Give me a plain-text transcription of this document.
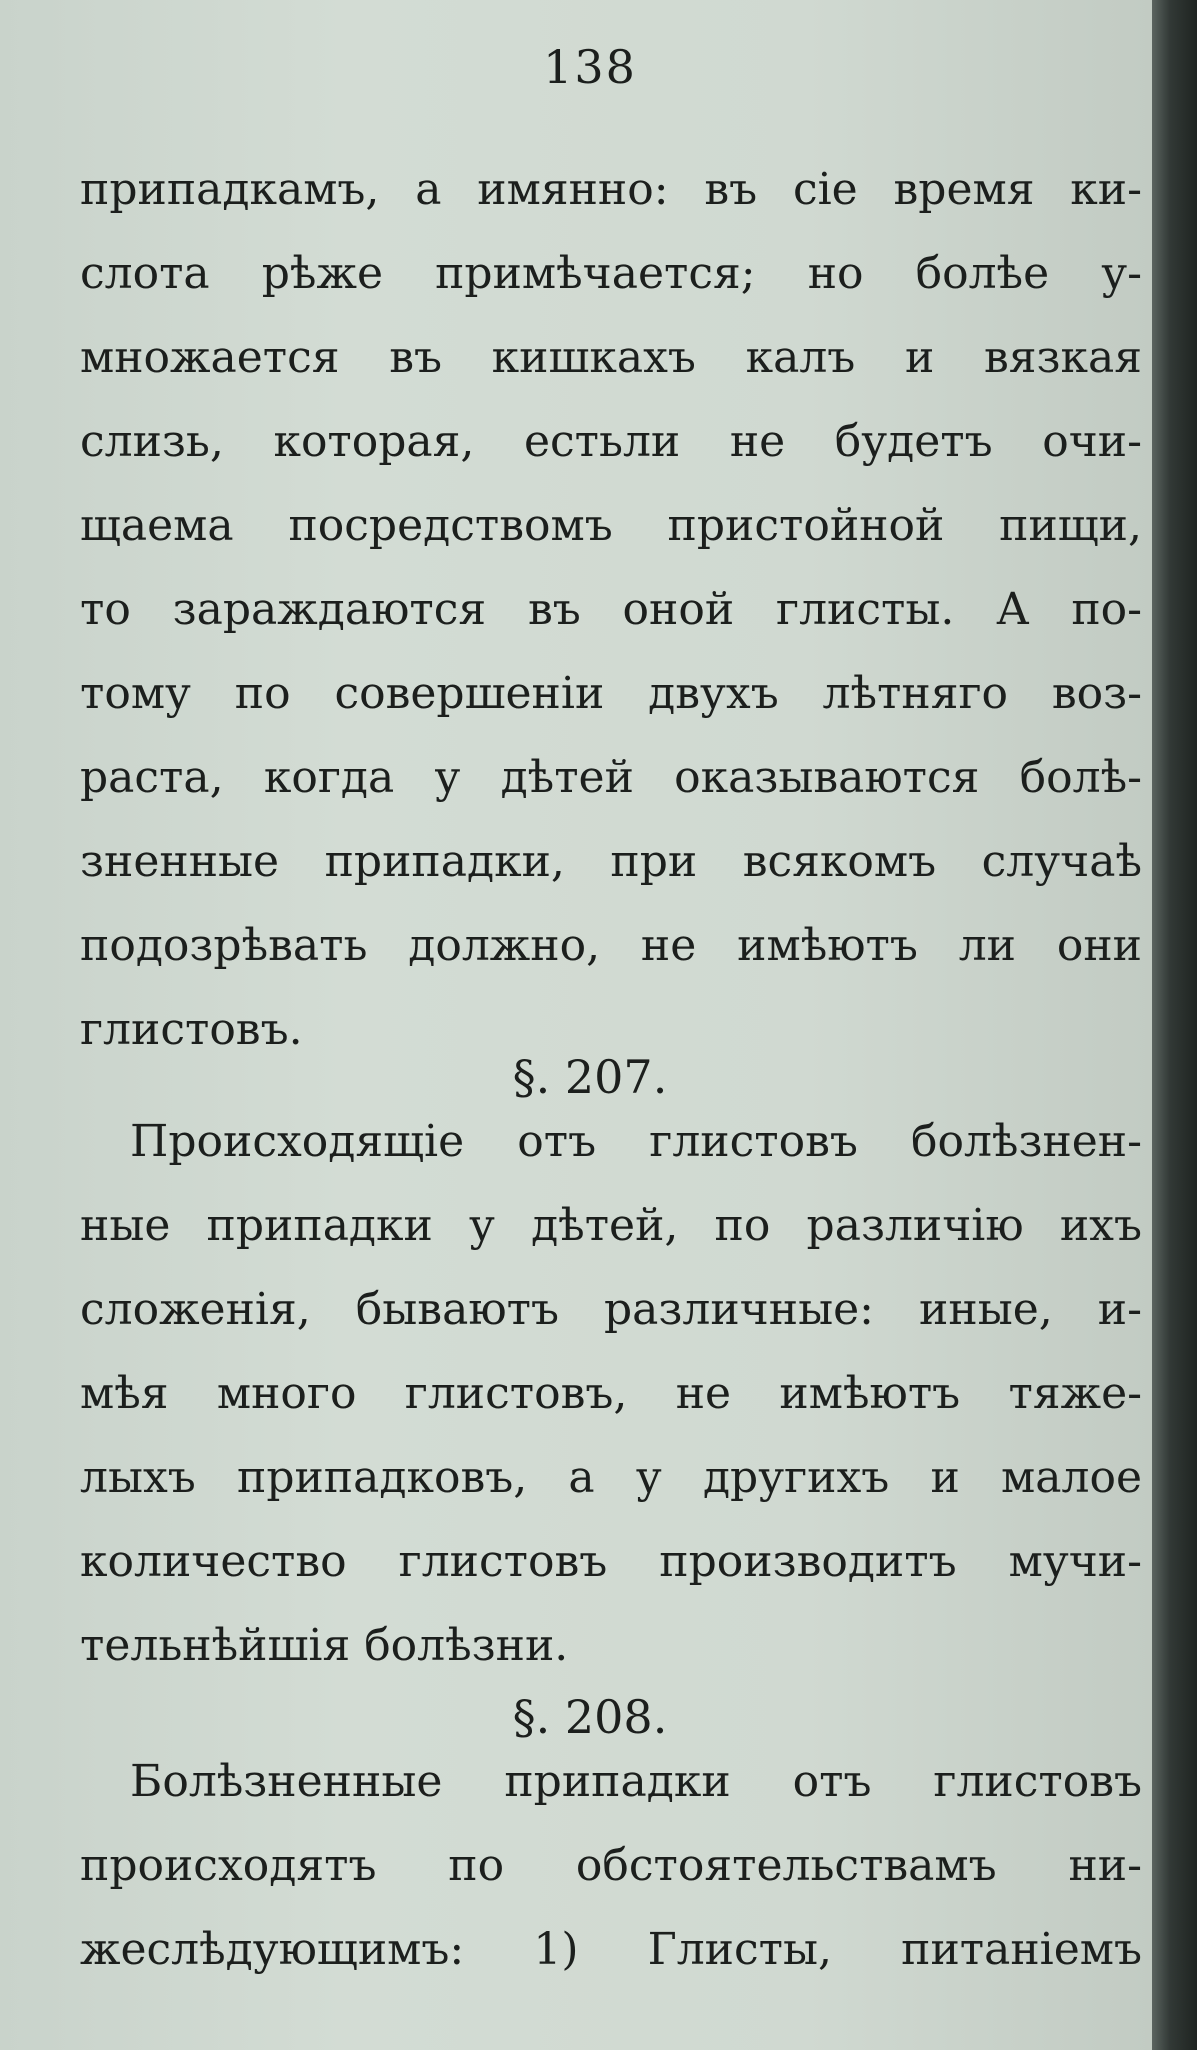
138
припадкамъ, а имянно: въ сіе время ки-
слота рѣже примѣчается; но болѣе у-
множается въ кишкахъ калъ и вязкая
слизь, которая, естьли не будетъ очи-
щаема посредствомъ пристойной пищи,
то зараждаются въ оной глисты. А по-
тому по совершеніи двухъ лѣтняго воз-
раста, когда у дѣтей оказываются болѣ-
зненные припадки, при всякомъ случаѣ
подозрѣвать должно, не имѣютъ ли они
глистовъ.
§. 207.
Происходящіе отъ глистовъ болѣзнен-
ные припадки у дѣтей, по различію ихъ
сложенія, бываютъ различные: иные, и-
мѣя много глистовъ, не имѣютъ тяже-
лыхъ припадковъ, а у другихъ и малое
количество глистовъ производитъ мучи-
тельнѣйшія болѣзни.
§. 208.
Болѣзненные припадки отъ глистовъ
происходятъ по обстоятельствамъ ни-
жеслѣдующимъ: 1) Глисты, питаніемъ
